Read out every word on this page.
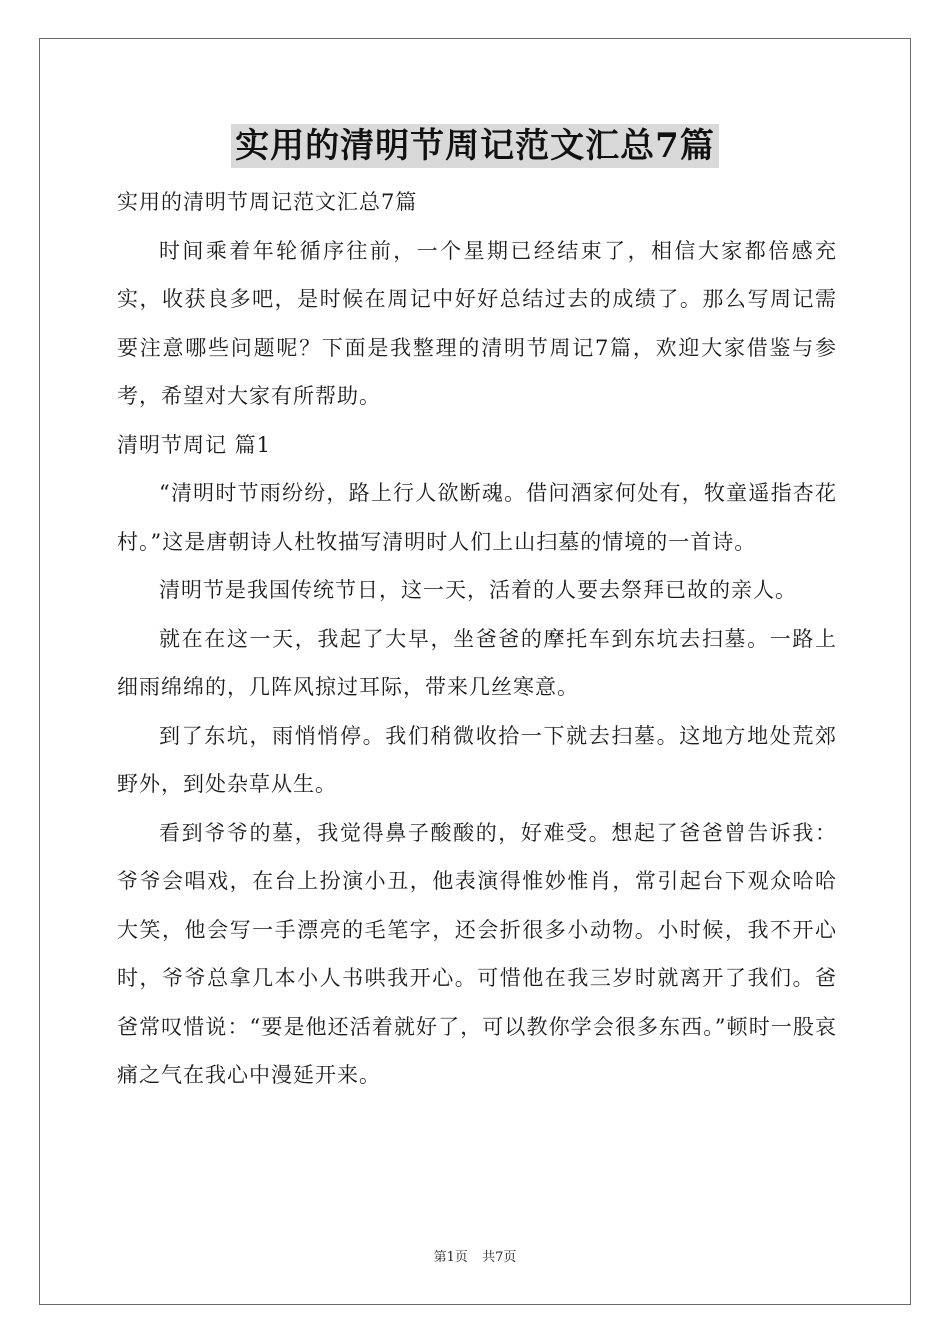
实用的清明节周记范文汇总7篇

实用的清明节周记范文汇总7篇

时间乘着年轮循序往前，一个星期已经结束了，相信大家都倍感充实，收获良多吧，是时候在周记中好好总结过去的成绩了。那么写周记需要注意哪些问题呢？下面是我整理的清明节周记7篇，欢迎大家借鉴与参考，希望对大家有所帮助。

清明节周记 篇1

“清明时节雨纷纷，路上行人欲断魂。借问酒家何处有，牧童遥指杏花村。”这是唐朝诗人杜牧描写清明时人们上山扫墓的情境的一首诗。

清明节是我国传统节日，这一天，活着的人要去祭拜已故的亲人。

就在在这一天，我起了大早，坐爸爸的摩托车到东坑去扫墓。一路上细雨绵绵的，几阵风掠过耳际，带来几丝寒意。

到了东坑，雨悄悄停。我们稍微收拾一下就去扫墓。这地方地处荒郊野外，到处杂草从生。

看到爷爷的墓，我觉得鼻子酸酸的，好难受。想起了爸爸曾告诉我：爷爷会唱戏，在台上扮演小丑，他表演得惟妙惟肖，常引起台下观众哈哈大笑，他会写一手漂亮的毛笔字，还会折很多小动物。小时候，我不开心时，爷爷总拿几本小人书哄我开心。可惜他在我三岁时就离开了我们。爸爸常叹惜说：“要是他还活着就好了，可以教你学会很多东西。”顿时一股哀痛之气在我心中漫延开来。

第1页 共7页
